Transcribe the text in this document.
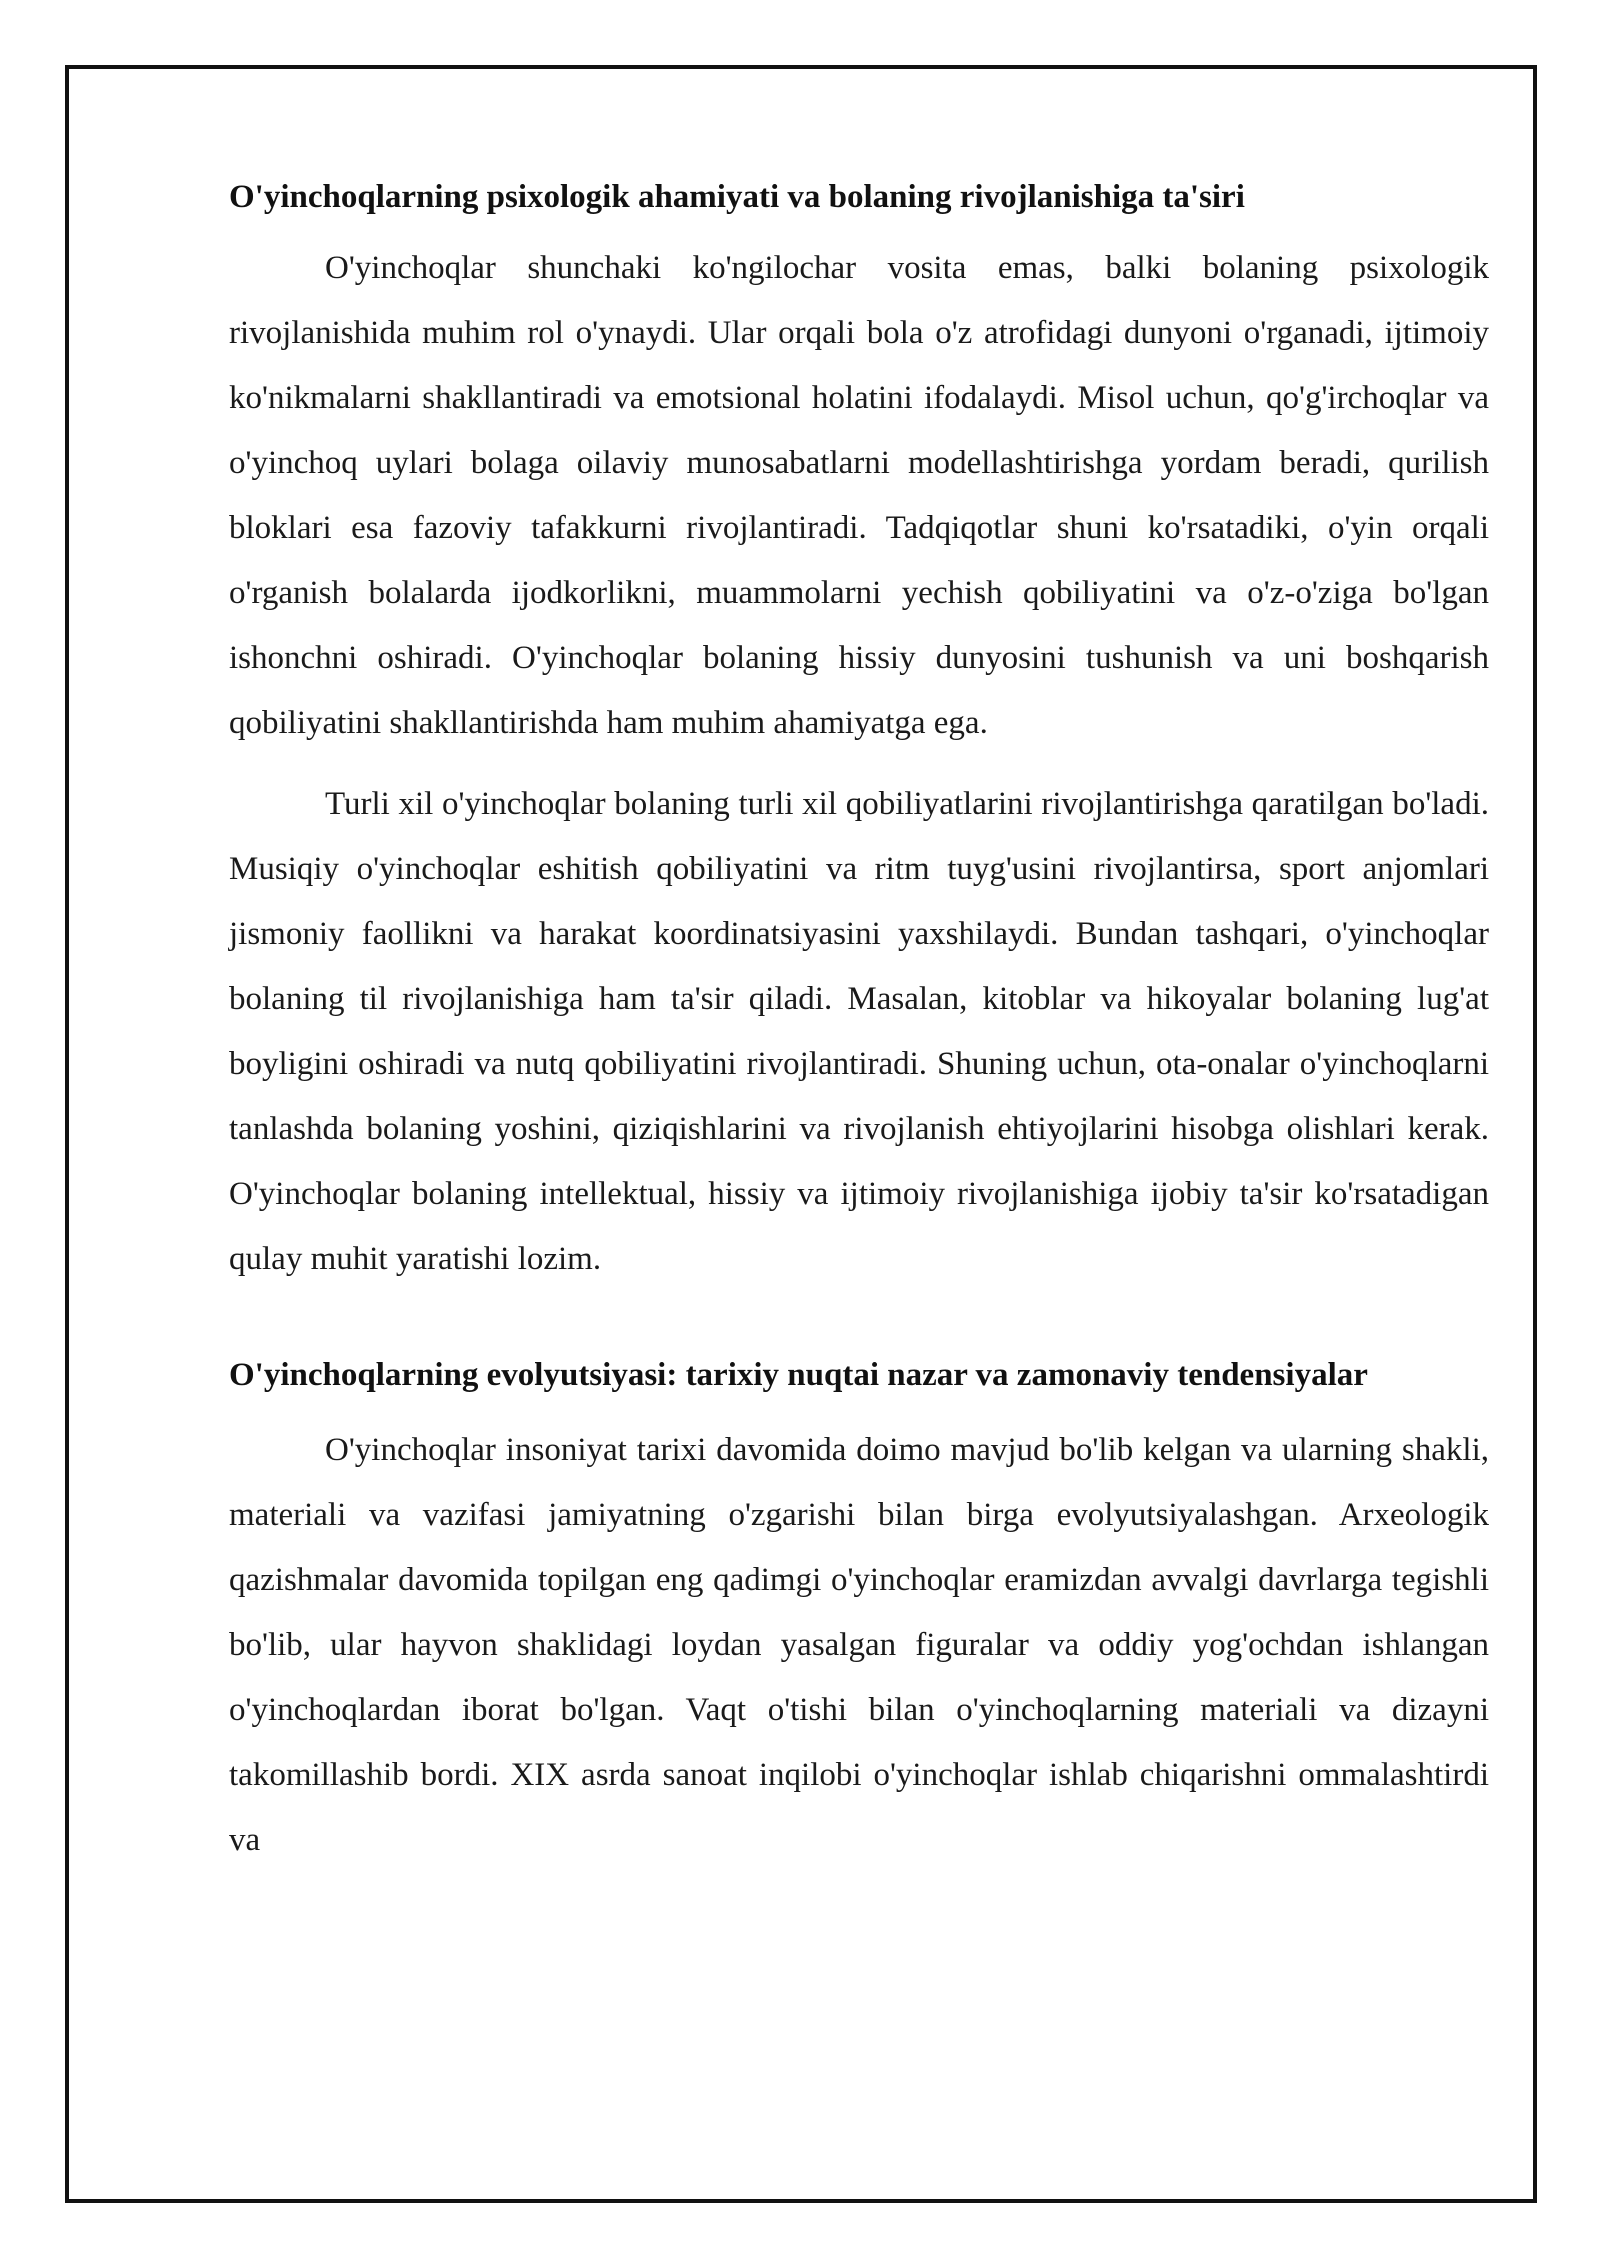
O'yinchoqlarning psixologik ahamiyati va bolaning rivojlanishiga ta'siri

O'yinchoqlar shunchaki ko'ngilochar vosita emas, balki bolaning psixologik rivojlanishida muhim rol o'ynaydi. Ular orqali bola o'z atrofidagi dunyoni o'rganadi, ijtimoiy ko'nikmalarni shakllantiradi va emotsional holatini ifodalaydi. Misol uchun, qo'g'irchoqlar va o'yinchoq uylari bolaga oilaviy munosabatlarni modellashtirishga yordam beradi, qurilish bloklari esa fazoviy tafakkurni rivojlantiradi. Tadqiqotlar shuni ko'rsatadiki, o'yin orqali o'rganish bolalarda ijodkorlikni, muammolarni yechish qobiliyatini va o'z-o'ziga bo'lgan ishonchni oshiradi. O'yinchoqlar bolaning hissiy dunyosini tushunish va uni boshqarish qobiliyatini shakllantirishda ham muhim ahamiyatga ega.

Turli xil o'yinchoqlar bolaning turli xil qobiliyatlarini rivojlantirishga qaratilgan bo'ladi. Musiqiy o'yinchoqlar eshitish qobiliyatini va ritm tuyg'usini rivojlantirsa, sport anjomlari jismoniy faollikni va harakat koordinatsiyasini yaxshilaydi. Bundan tashqari, o'yinchoqlar bolaning til rivojlanishiga ham ta'sir qiladi. Masalan, kitoblar va hikoyalar bolaning lug'at boyligini oshiradi va nutq qobiliyatini rivojlantiradi. Shuning uchun, ota-onalar o'yinchoqlarni tanlashda bolaning yoshini, qiziqishlarini va rivojlanish ehtiyojlarini hisobga olishlari kerak. O'yinchoqlar bolaning intellektual, hissiy va ijtimoiy rivojlanishiga ijobiy ta'sir ko'rsatadigan qulay muhit yaratishi lozim.

O'yinchoqlarning evolyutsiyasi: tarixiy nuqtai nazar va zamonaviy tendensiyalar

O'yinchoqlar insoniyat tarixi davomida doimo mavjud bo'lib kelgan va ularning shakli, materiali va vazifasi jamiyatning o'zgarishi bilan birga evolyutsiyalashgan. Arxeologik qazishmalar davomida topilgan eng qadimgi o'yinchoqlar eramizdan avvalgi davrlarga tegishli bo'lib, ular hayvon shaklidagi loydan yasalgan figuralar va oddiy yog'ochdan ishlangan o'yinchoqlardan iborat bo'lgan. Vaqt o'tishi bilan o'yinchoqlarning materiali va dizayni takomillashib bordi. XIX asrda sanoat inqilobi o'yinchoqlar ishlab chiqarishni ommalashtirdi va
